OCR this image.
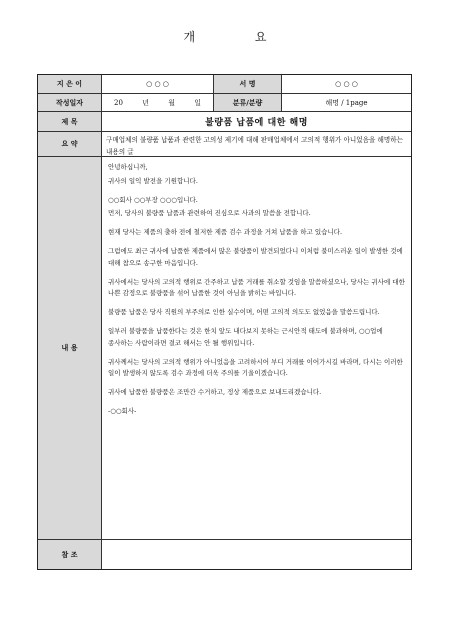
개 요
지 은 이	○ ○ ○	서 명	○ ○ ○
작성일자	20	년	월	일	분류/분량	해명 / 1page
제 목	불량품 납품에 대한 해명
요 약	구매업체의 불량품 납품과 관련한 고의성 제기에 대해 판매업체에서 고의적 행위가 아니었음을 해명하는 내용의 글
내 용

안녕하십니까,

귀사의 일익 발전을 기원합니다.

○○회사 ○○부장 ○○○입니다.

먼저, 당사의 불량품 납품과 관련하여 진심으로 사과의 말씀을 전합니다.

현재 당사는 제품의 출하 전에 철저한 제품 검수 과정을 거쳐 납품을 하고 있습니다.

그럼에도 최근 귀사에 납품한 제품에서 많은 불량품이 발견되었다니 이처럼 불미스러운 일이 발생한 것에 대해 참으로 송구한 마음입니다.

귀사에서는 당사의 고의적 행위로 간주하고 납품 거래를 취소할 것임을 말씀하셨으나, 당사는 귀사에 대한 나쁜 감정으로 불량품을 섞어 납품한 것이 아님을 밝히는 바입니다.

불량품 납품은 당사 직원의 부주의로 인한 실수이며, 어떤 고의적 의도도 없었음을 말씀드립니다.

일부러 불량품을 납품한다는 것은 한치 앞도 내다보지 못하는 근시안적 태도에 불과하며, ○○업에 종사하는 사람이라면 결코 해서는 안 될 행위입니다.

귀사께서는 당사의 고의적 행위가 아니었음을 고려하시어 부디 거래를 이어가시길 바라며, 다시는 이러한 일이 발생하지 않도록 검수 과정에 더욱 주의를 기울이겠습니다.

귀사에 납품한 불량품은 조만간 수거하고, 정상 제품으로 보내드리겠습니다.

-○○회사-

참 조
